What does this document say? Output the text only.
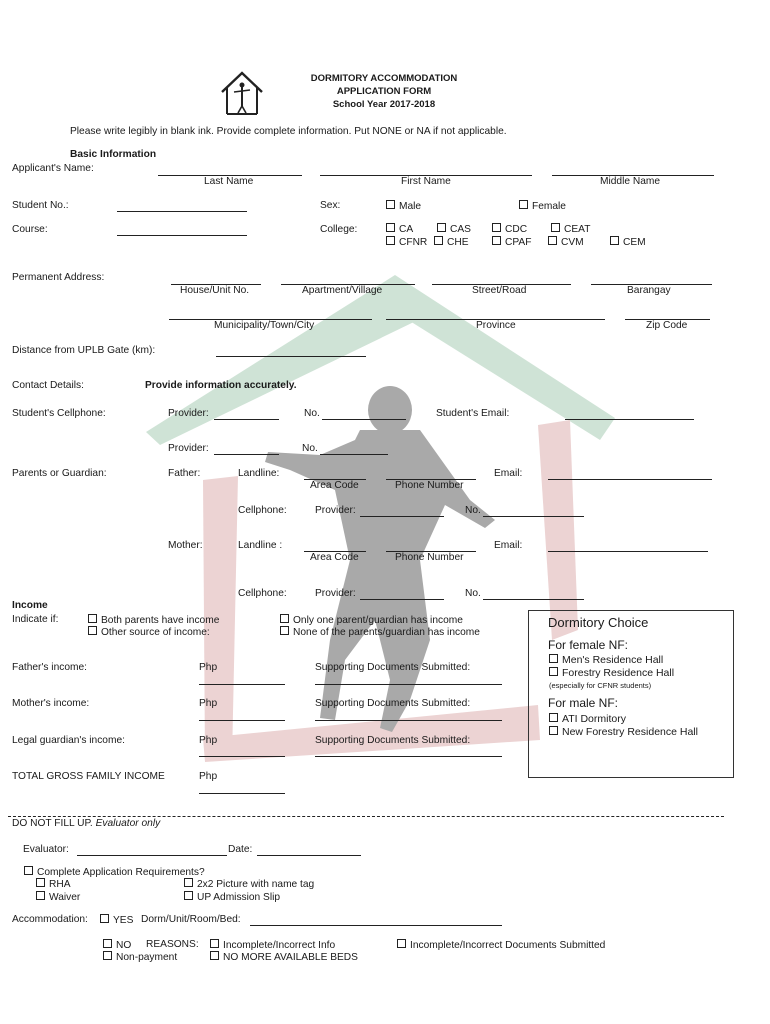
DORMITORY ACCOMMODATION
APPLICATION FORM
School Year 2017-2018
Please write legibly in blank ink. Provide complete information. Put NONE or NA if not applicable.
Basic Information
Applicant's Name:
Last Name	First Name	Middle Name
Student No.:	Sex:	Male	Female
Course:	College:	CA	CAS	CDC	CEAT
CFNR	CHE	CPAF	CVM	CEM
Permanent Address:
House/Unit No.	Apartment/Village	Street/Road	Barangay
Municipality/Town/City	Province	Zip Code
Distance from UPLB Gate (km):
Contact Details:	Provide information accurately.
Student's Cellphone:	Provider:	No.	Student's Email:
Provider:	No.
Parents or Guardian:	Father:	Landline:
Area Code	Phone Number
Email:
Cellphone:	Provider:	No.
Mother:	Landline :
Area Code	Phone Number
Email:
Cellphone:	Provider:	No.
Income
Indicate if:	Both parents have income
Other source of income:
Only one parent/guardian has income
None of the parents/guardian has income
Father's income:	Php	Supporting Documents Submitted:
Mother's income:	Php	Supporting Documents Submitted:
Legal guardian's income:	Php	Supporting Documents Submitted:
TOTAL GROSS FAMILY INCOME	Php
Dormitory Choice
For female NF:
Men's Residence Hall
Forestry Residence Hall
(especially for CFNR students)
For male NF:
ATI Dormitory
New Forestry Residence Hall
DO NOT FILL UP. Evaluator only
Evaluator:	Date:
Complete Application Requirements?
RHA
Waiver
2x2 Picture with name tag
UP Admission Slip
Accommodation:	YES Dorm/Unit/Room/Bed:
NO REASONS:	Incomplete/Incorrect Info	Incomplete/Incorrect Documents Submitted
Non-payment	NO MORE AVAILABLE BEDS
